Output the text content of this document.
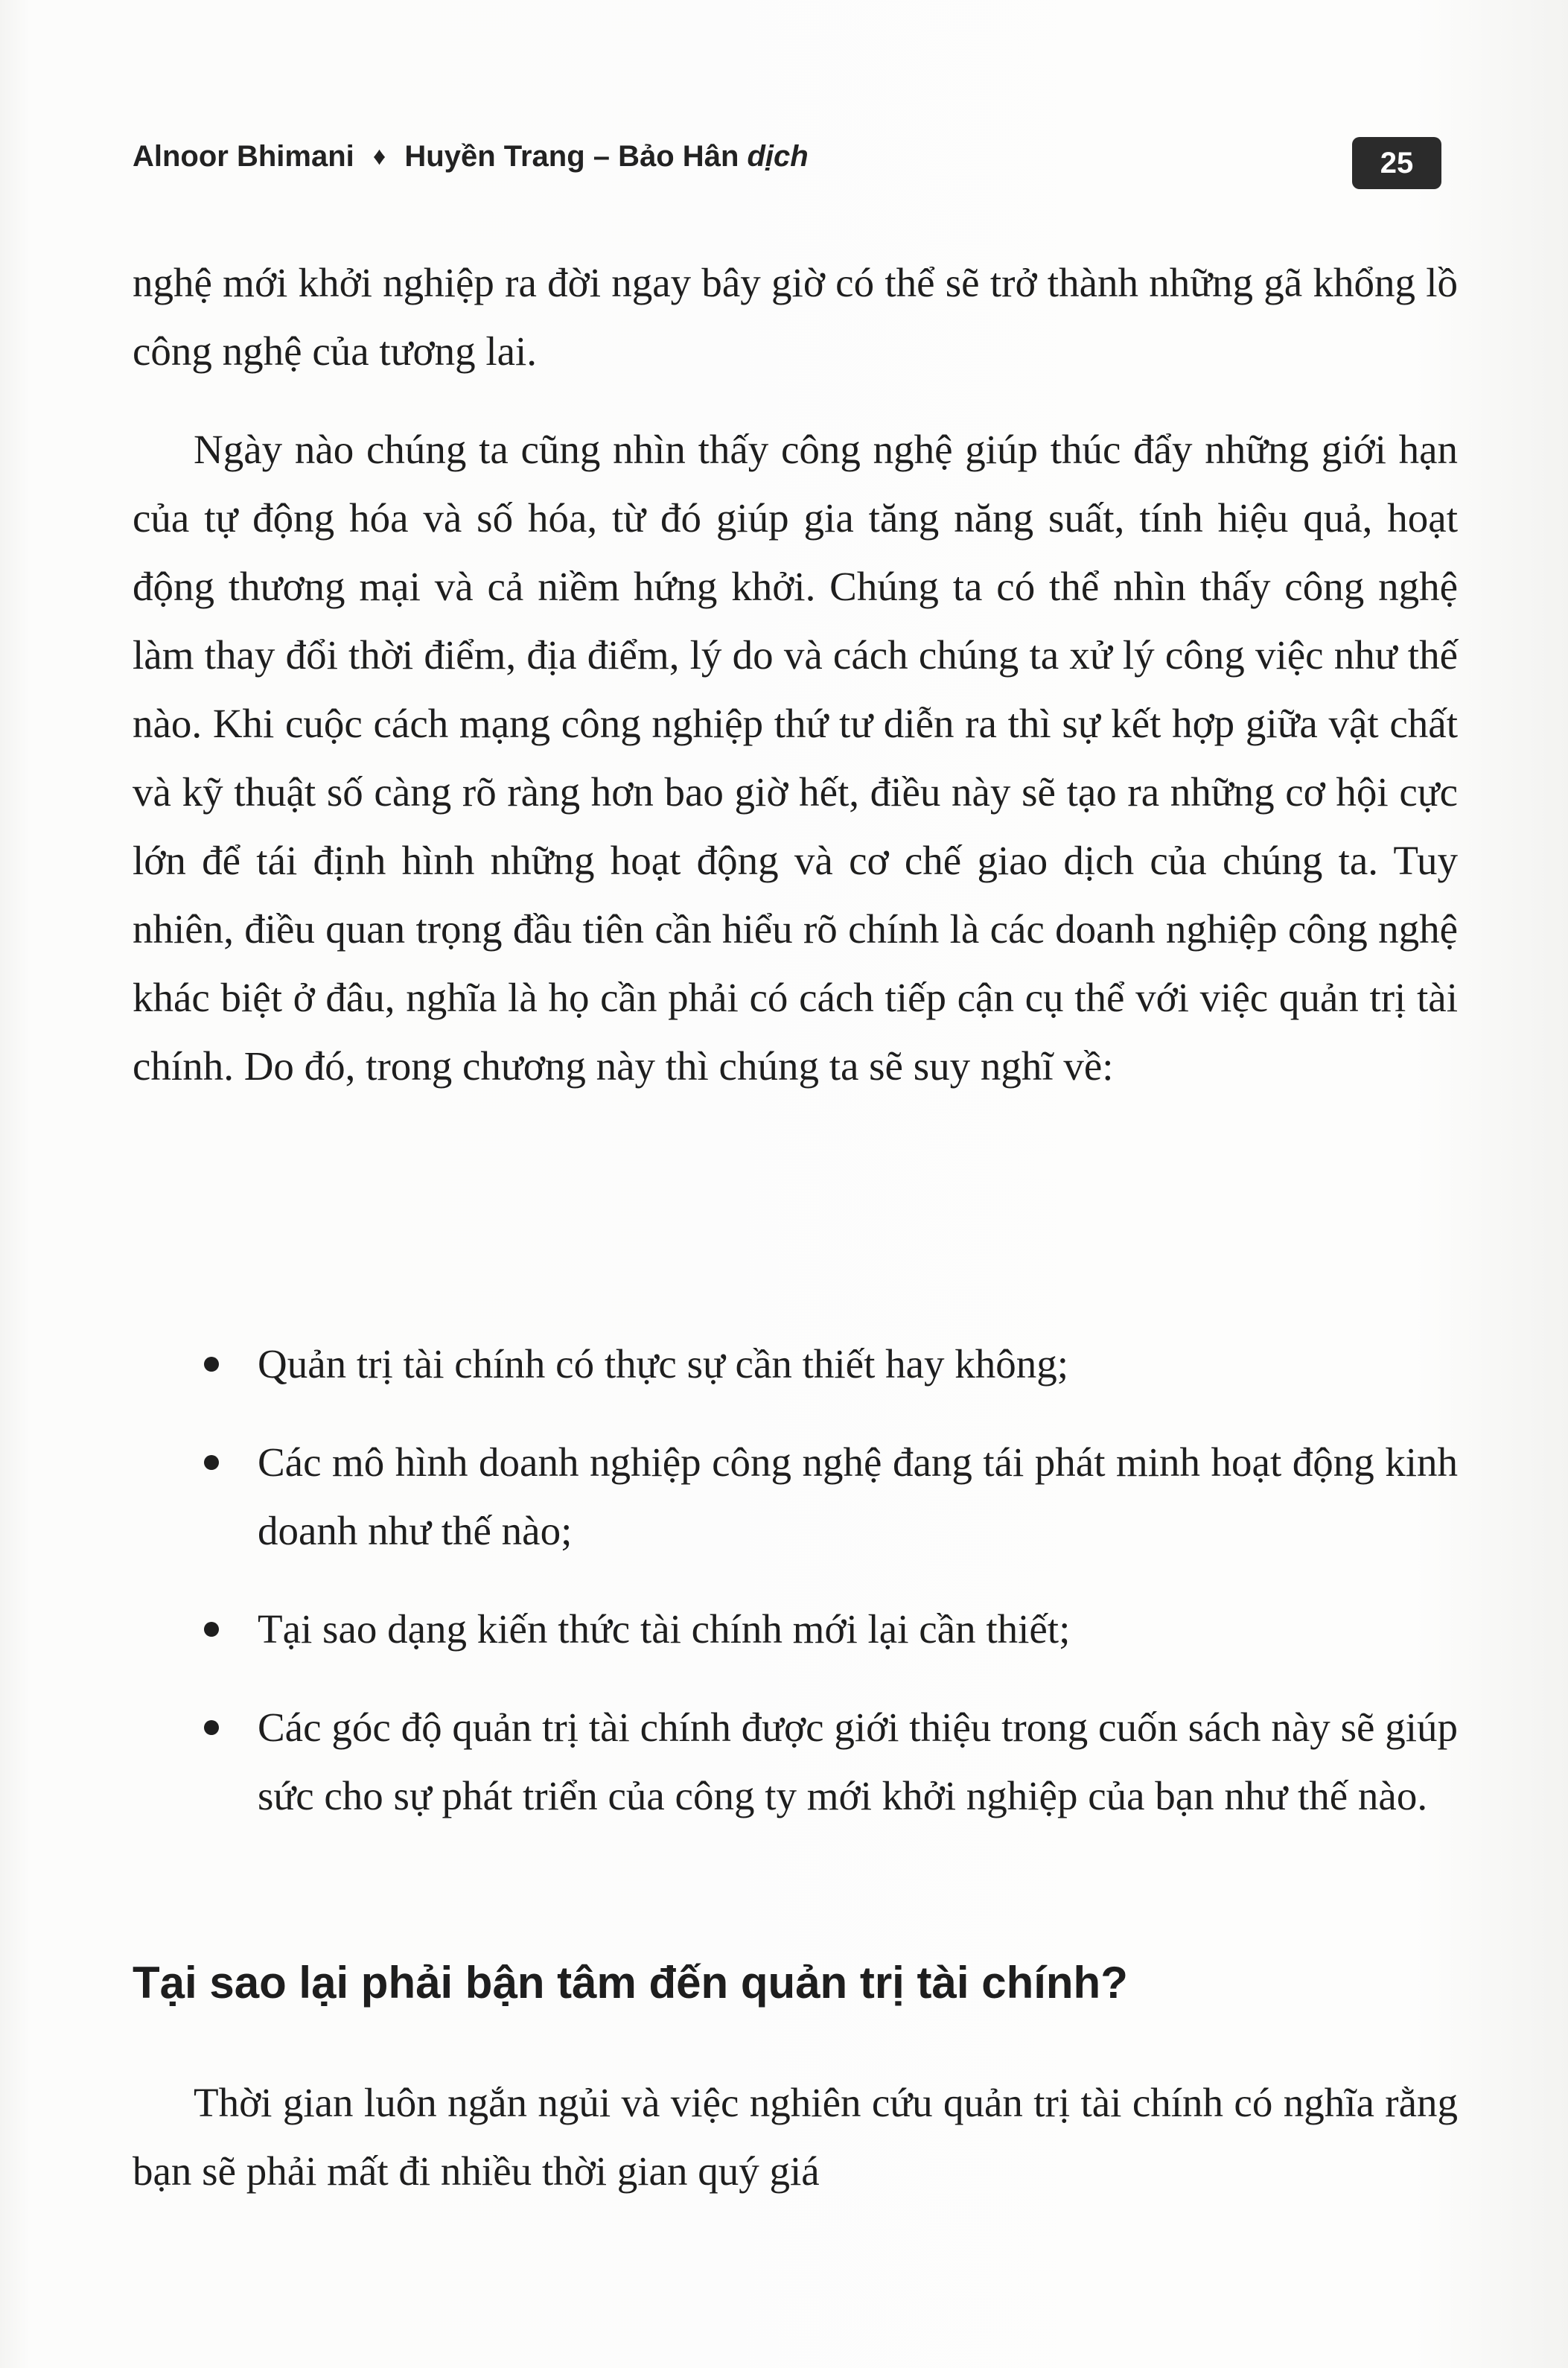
Alnoor Bhimani ♦ Huyền Trang – Bảo Hân dịch	25

nghệ mới khởi nghiệp ra đời ngay bây giờ có thể sẽ trở thành những gã khổng lồ công nghệ của tương lai.

Ngày nào chúng ta cũng nhìn thấy công nghệ giúp thúc đẩy những giới hạn của tự động hóa và số hóa, từ đó giúp gia tăng năng suất, tính hiệu quả, hoạt động thương mại và cả niềm hứng khởi. Chúng ta có thể nhìn thấy công nghệ làm thay đổi thời điểm, địa điểm, lý do và cách chúng ta xử lý công việc như thế nào. Khi cuộc cách mạng công nghiệp thứ tư diễn ra thì sự kết hợp giữa vật chất và kỹ thuật số càng rõ ràng hơn bao giờ hết, điều này sẽ tạo ra những cơ hội cực lớn để tái định hình những hoạt động và cơ chế giao dịch của chúng ta. Tuy nhiên, điều quan trọng đầu tiên cần hiểu rõ chính là các doanh nghiệp công nghệ khác biệt ở đâu, nghĩa là họ cần phải có cách tiếp cận cụ thể với việc quản trị tài chính. Do đó, trong chương này thì chúng ta sẽ suy nghĩ về:

Quản trị tài chính có thực sự cần thiết hay không;
Các mô hình doanh nghiệp công nghệ đang tái phát minh hoạt động kinh doanh như thế nào;
Tại sao dạng kiến thức tài chính mới lại cần thiết;
Các góc độ quản trị tài chính được giới thiệu trong cuốn sách này sẽ giúp sức cho sự phát triển của công ty mới khởi nghiệp của bạn như thế nào.
Tại sao lại phải bận tâm đến quản trị tài chính?

Thời gian luôn ngắn ngủi và việc nghiên cứu quản trị tài chính có nghĩa rằng bạn sẽ phải mất đi nhiều thời gian quý giá
